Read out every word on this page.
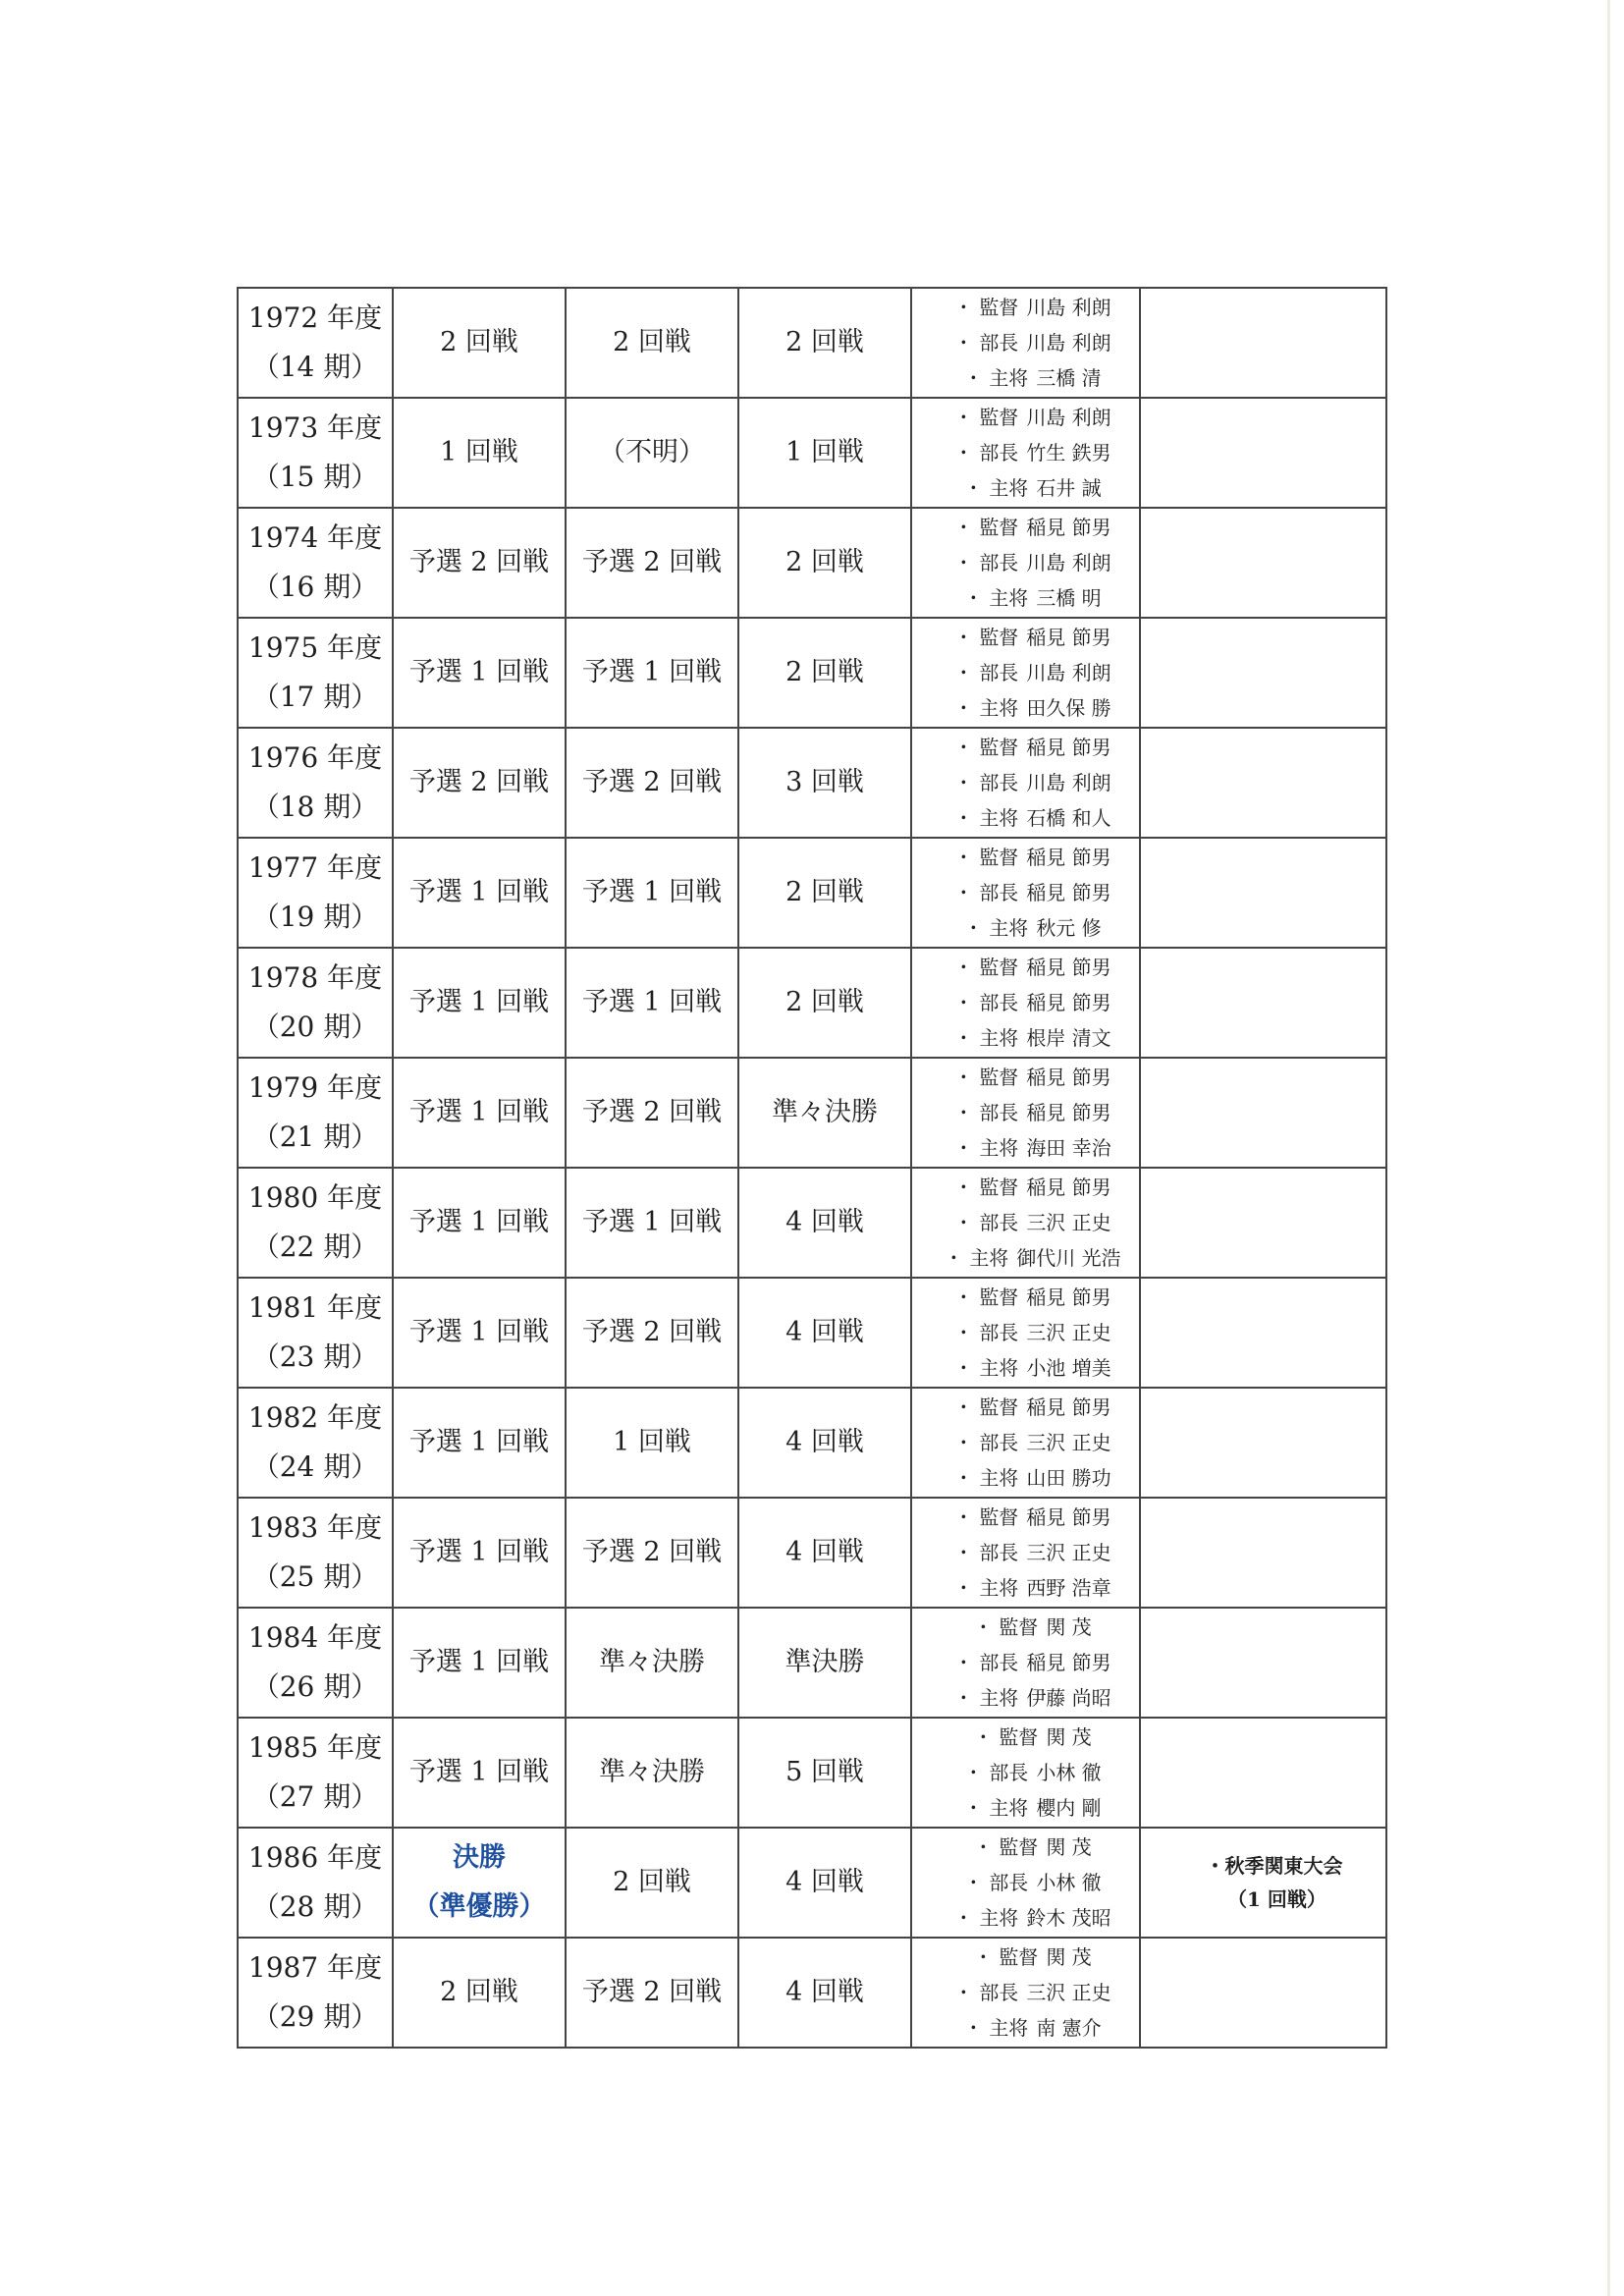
1972 年度
（14 期）	2 回戦	2 回戦	2 回戦	・ 監督 川島 利朗
・ 部長 川島 利朗
・ 主将 三橋 清	

1973 年度
（15 期）	1 回戦	（不明）	1 回戦	・ 監督 川島 利朗
・ 部長 竹生 鉄男
・ 主将 石井 誠	

1974 年度
（16 期）	予選 2 回戦	予選 2 回戦	2 回戦	・ 監督 稲見 節男
・ 部長 川島 利朗
・ 主将 三橋 明	

1975 年度
（17 期）	予選 1 回戦	予選 1 回戦	2 回戦	・ 監督 稲見 節男
・ 部長 川島 利朗
・ 主将 田久保 勝	

1976 年度
（18 期）	予選 2 回戦	予選 2 回戦	3 回戦	・ 監督 稲見 節男
・ 部長 川島 利朗
・ 主将 石橋 和人	

1977 年度
（19 期）	予選 1 回戦	予選 1 回戦	2 回戦	・ 監督 稲見 節男
・ 部長 稲見 節男
・ 主将 秋元 修	

1978 年度
（20 期）	予選 1 回戦	予選 1 回戦	2 回戦	・ 監督 稲見 節男
・ 部長 稲見 節男
・ 主将 根岸 清文	

1979 年度
（21 期）	予選 1 回戦	予選 2 回戦	準々決勝	・ 監督 稲見 節男
・ 部長 稲見 節男
・ 主将 海田 幸治	

1980 年度
（22 期）	予選 1 回戦	予選 1 回戦	4 回戦	・ 監督 稲見 節男
・ 部長 三沢 正史
・ 主将 御代川 光浩	

1981 年度
（23 期）	予選 1 回戦	予選 2 回戦	4 回戦	・ 監督 稲見 節男
・ 部長 三沢 正史
・ 主将 小池 増美	

1982 年度
（24 期）	予選 1 回戦	1 回戦	4 回戦	・ 監督 稲見 節男
・ 部長 三沢 正史
・ 主将 山田 勝功	

1983 年度
（25 期）	予選 1 回戦	予選 2 回戦	4 回戦	・ 監督 稲見 節男
・ 部長 三沢 正史
・ 主将 西野 浩章	

1984 年度
（26 期）	予選 1 回戦	準々決勝	準決勝	・ 監督 関 茂
・ 部長 稲見 節男
・ 主将 伊藤 尚昭	

1985 年度
（27 期）	予選 1 回戦	準々決勝	5 回戦	・ 監督 関 茂
・ 部長 小林 徹
・ 主将 櫻内 剛	

1986 年度
（28 期）	決勝
（準優勝）	2 回戦	4 回戦	・ 監督 関 茂
・ 部長 小林 徹
・ 主将 鈴木 茂昭	・秋季関東大会
（1 回戦）

1987 年度
（29 期）	2 回戦	予選 2 回戦	4 回戦	・ 監督 関 茂
・ 部長 三沢 正史
・ 主将 南 憲介	
